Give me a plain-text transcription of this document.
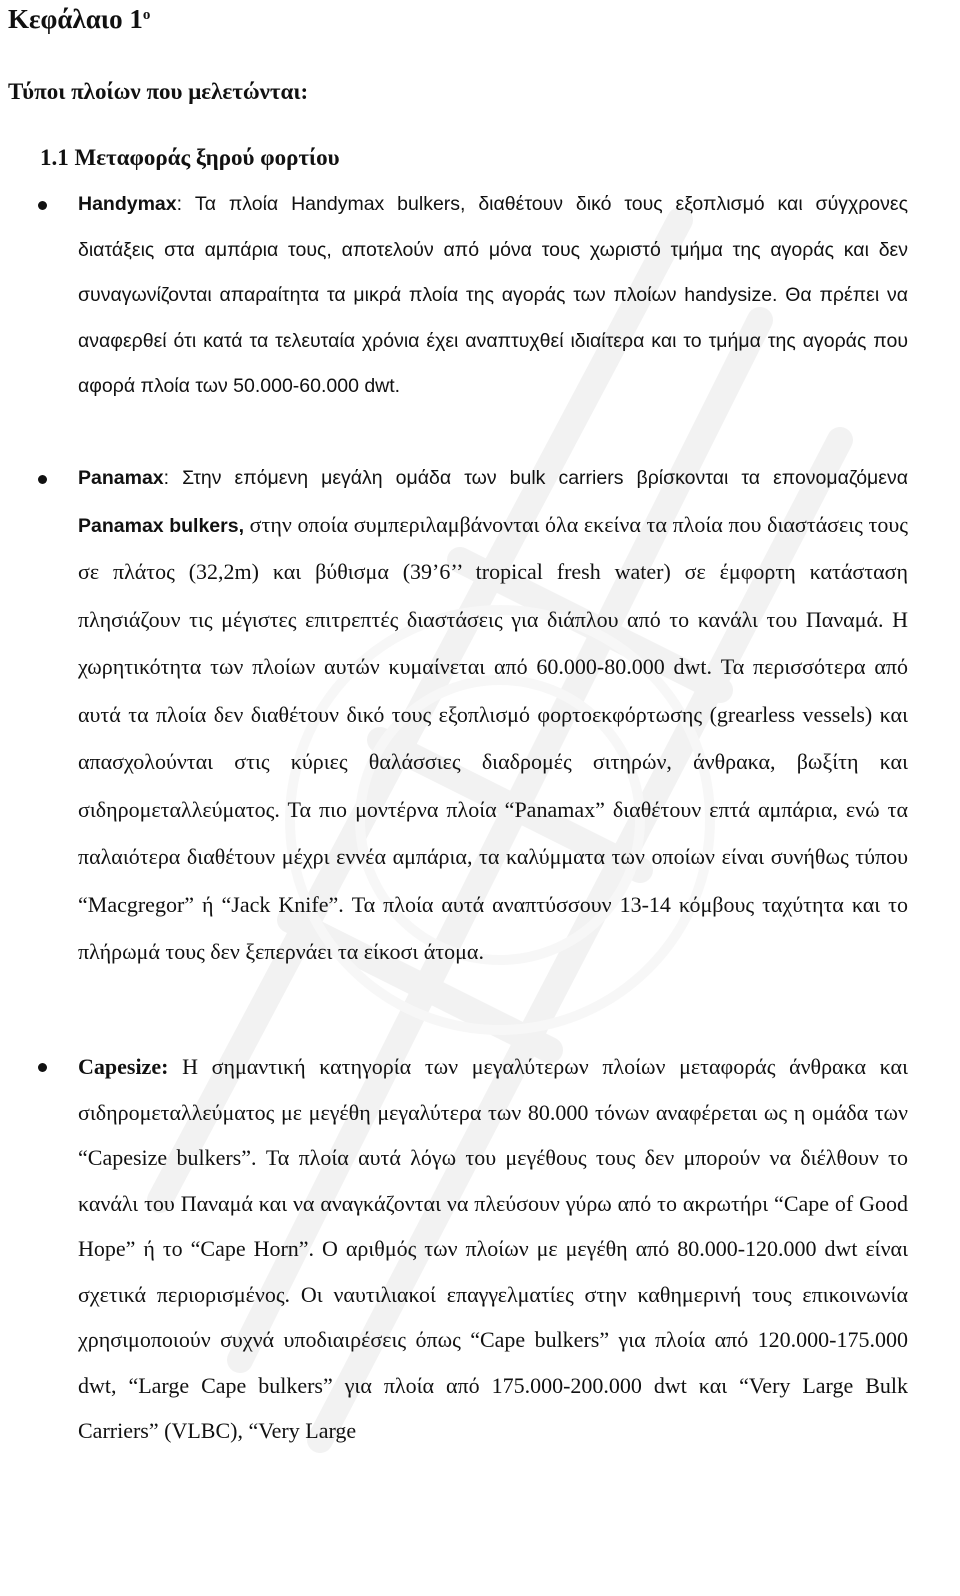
Κεφάλαιο $1^o$

Τύποι πλοίων που μελετώνται:

1.1 Μεταφοράς ξηρού φορτίου

Handymax: Τα πλοία Handymax bulkers, διαθέτουν δικό τους εξοπλισμό και σύγχρονες διατάξεις στα αμπάρια τους, αποτελούν από μόνα τους χωριστό τμήμα της αγοράς και δεν συναγωνίζονται απαραίτητα τα μικρά πλοία της αγοράς των πλοίων handysize. Θα πρέπει να αναφερθεί ότι κατά τα τελευταία χρόνια έχει αναπτυχθεί ιδιαίτερα και το τμήμα της αγοράς που αφορά πλοία των 50.000-60.000 dwt.
Panamax: Στην επόμενη μεγάλη ομάδα των bulk carriers βρίσκονται τα επονομαζόμενα Panamax bulkers, στην οποία συμπεριλαμβάνονται όλα εκείνα τα πλοία που διαστάσεις τους σε πλάτος (32,2m) και βύθισμα (39’6’’ tropical fresh water) σε έμφορτη κατάσταση πλησιάζουν τις μέγιστες επιτρεπτές διαστάσεις για διάπλου από το κανάλι του Παναμά. Η χωρητικότητα των πλοίων αυτών κυμαίνεται από 60.000-80.000 dwt. Τα περισσότερα από αυτά τα πλοία δεν διαθέτουν δικό τους εξοπλισμό φορτοεκφόρτωσης (grearless vessels) και απασχολούνται στις κύριες θαλάσσιες διαδρομές σιτηρών, άνθρακα, βωξίτη και σιδηρομεταλλεύματος. Τα πιο μοντέρνα πλοία “Panamax” διαθέτουν επτά αμπάρια, ενώ τα παλαιότερα διαθέτουν μέχρι εννέα αμπάρια, τα καλύμματα των οποίων είναι συνήθως τύπου “Macgregor” ή “Jack Knife”. Τα πλοία αυτά αναπτύσσουν 13-14 κόμβους ταχύτητα και το πλήρωμά τους δεν ξεπερνάει τα είκοσι άτομα.
Capesize: Η σημαντική κατηγορία των μεγαλύτερων πλοίων μεταφοράς άνθρακα και σιδηρομεταλλεύματος με μεγέθη μεγαλύτερα των 80.000 τόνων αναφέρεται ως η ομάδα των “Capesize bulkers”. Τα πλοία αυτά λόγω του μεγέθους τους δεν μπορούν να διέλθουν το κανάλι του Παναμά και να αναγκάζονται να πλεύσουν γύρω από το ακρωτήρι “Cape of Good Hope” ή το “Cape Horn”. Ο αριθμός των πλοίων με μεγέθη από 80.000-120.000 dwt είναι σχετικά περιορισμένος. Οι ναυτιλιακοί επαγγελματίες στην καθημερινή τους επικοινωνία χρησιμοποιούν συχνά υποδιαιρέσεις όπως “Cape bulkers” για πλοία από 120.000-175.000 dwt, “Large Cape bulkers” για πλοία από 175.000-200.000 dwt και “Very Large Bulk Carriers” (VLBC), “Very Large
